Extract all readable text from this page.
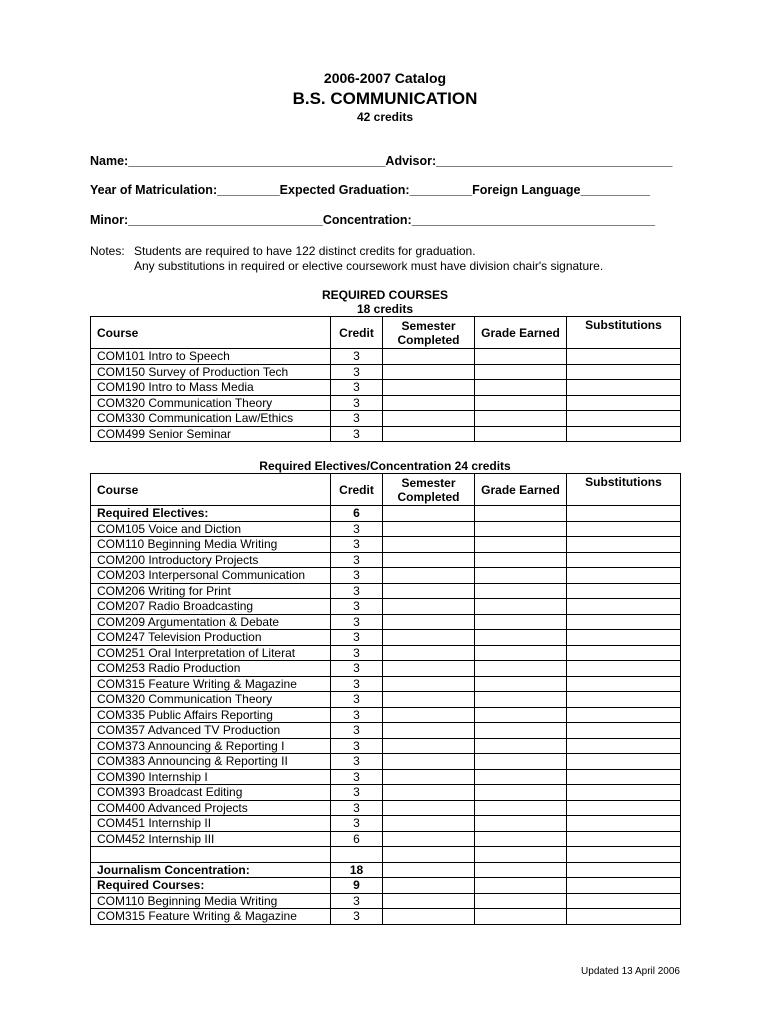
2006-2007 Catalog
B.S. COMMUNICATION
42 credits
Name:_____________________________________Advisor:__________________________________
Year of Matriculation:_________Expected Graduation:_________Foreign Language__________
Minor:____________________________Concentration:___________________________________
Notes: Students are required to have 122 distinct credits for graduation.
Any substitutions in required or elective coursework must have division chair's signature.
REQUIRED COURSES
18 credits
Course	Credit	Semester Completed	Grade Earned	Substitutions
COM101 Intro to Speech	3			
COM150 Survey of Production Tech	3			
COM190 Intro to Mass Media	3			
COM320 Communication Theory	3			
COM330 Communication Law/Ethics	3			
COM499 Senior Seminar	3			
Required Electives/Concentration 24 credits
Course	Credit	Semester Completed	Grade Earned	Substitutions
Required Electives:	6			
COM105 Voice and Diction	3			
COM110 Beginning Media Writing	3			
COM200 Introductory Projects	3			
COM203 Interpersonal Communication	3			
COM206 Writing for Print	3			
COM207 Radio Broadcasting	3			
COM209 Argumentation & Debate	3			
COM247 Television Production	3			
COM251 Oral Interpretation of Literat	3			
COM253 Radio Production	3			
COM315 Feature Writing & Magazine	3			
COM320 Communication Theory	3			
COM335 Public Affairs Reporting	3			
COM357 Advanced TV Production	3			
COM373 Announcing & Reporting I	3			
COM383 Announcing & Reporting II	3			
COM390 Internship I	3			
COM393 Broadcast Editing	3			
COM400 Advanced Projects	3			
COM451 Internship II	3			
COM452 Internship III	6			

Journalism Concentration:	18			
Required Courses:	9			
COM110 Beginning Media Writing	3			
COM315 Feature Writing & Magazine	3			
Updated 13 April 2006
